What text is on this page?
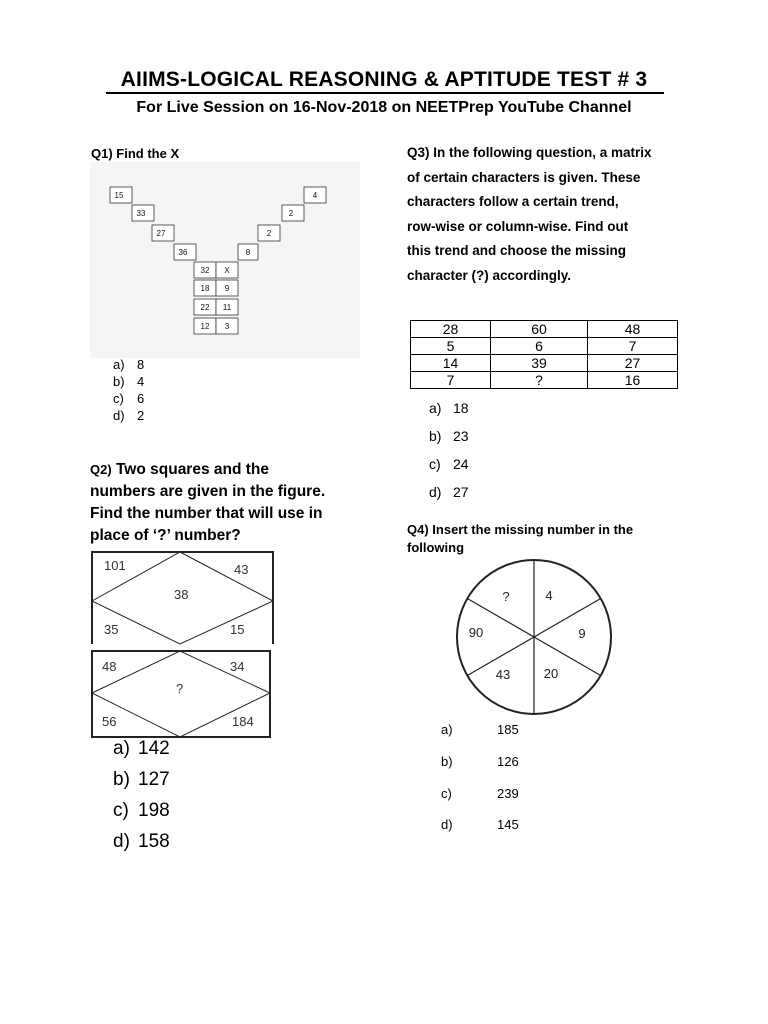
AIIMS-LOGICAL REASONING & APTITUDE TEST # 3
For Live Session on 16-Nov-2018 on NEETPrep YouTube Channel
Q1) Find the X
15
33
27
36
4
2
2
8
32 X
18 9
22 11
12 3
a) 8
b) 4
c)	6
d) 2
Q2) Two squares and the
numbers are given in the figure.
Find the number that will use in
place of ‘?’ number?
101	43
38
35	15
48	34
?
56	184
a) 142
b) 127
c) 198
d) 158
Q3) In the following question, a matrix
of certain characters is given. These
characters follow a certain trend,
row-wise or column-wise. Find out
this trend and choose the missing
character (?) accordingly.
28	60	48
5	6	7
14	39	27
7	?	16
a) 18
b) 23
c) 24
d) 27
Q4) Insert the missing number in the
following
?	4
9
20
43
90
a)	185
b)	126
c)	239
d)	145
